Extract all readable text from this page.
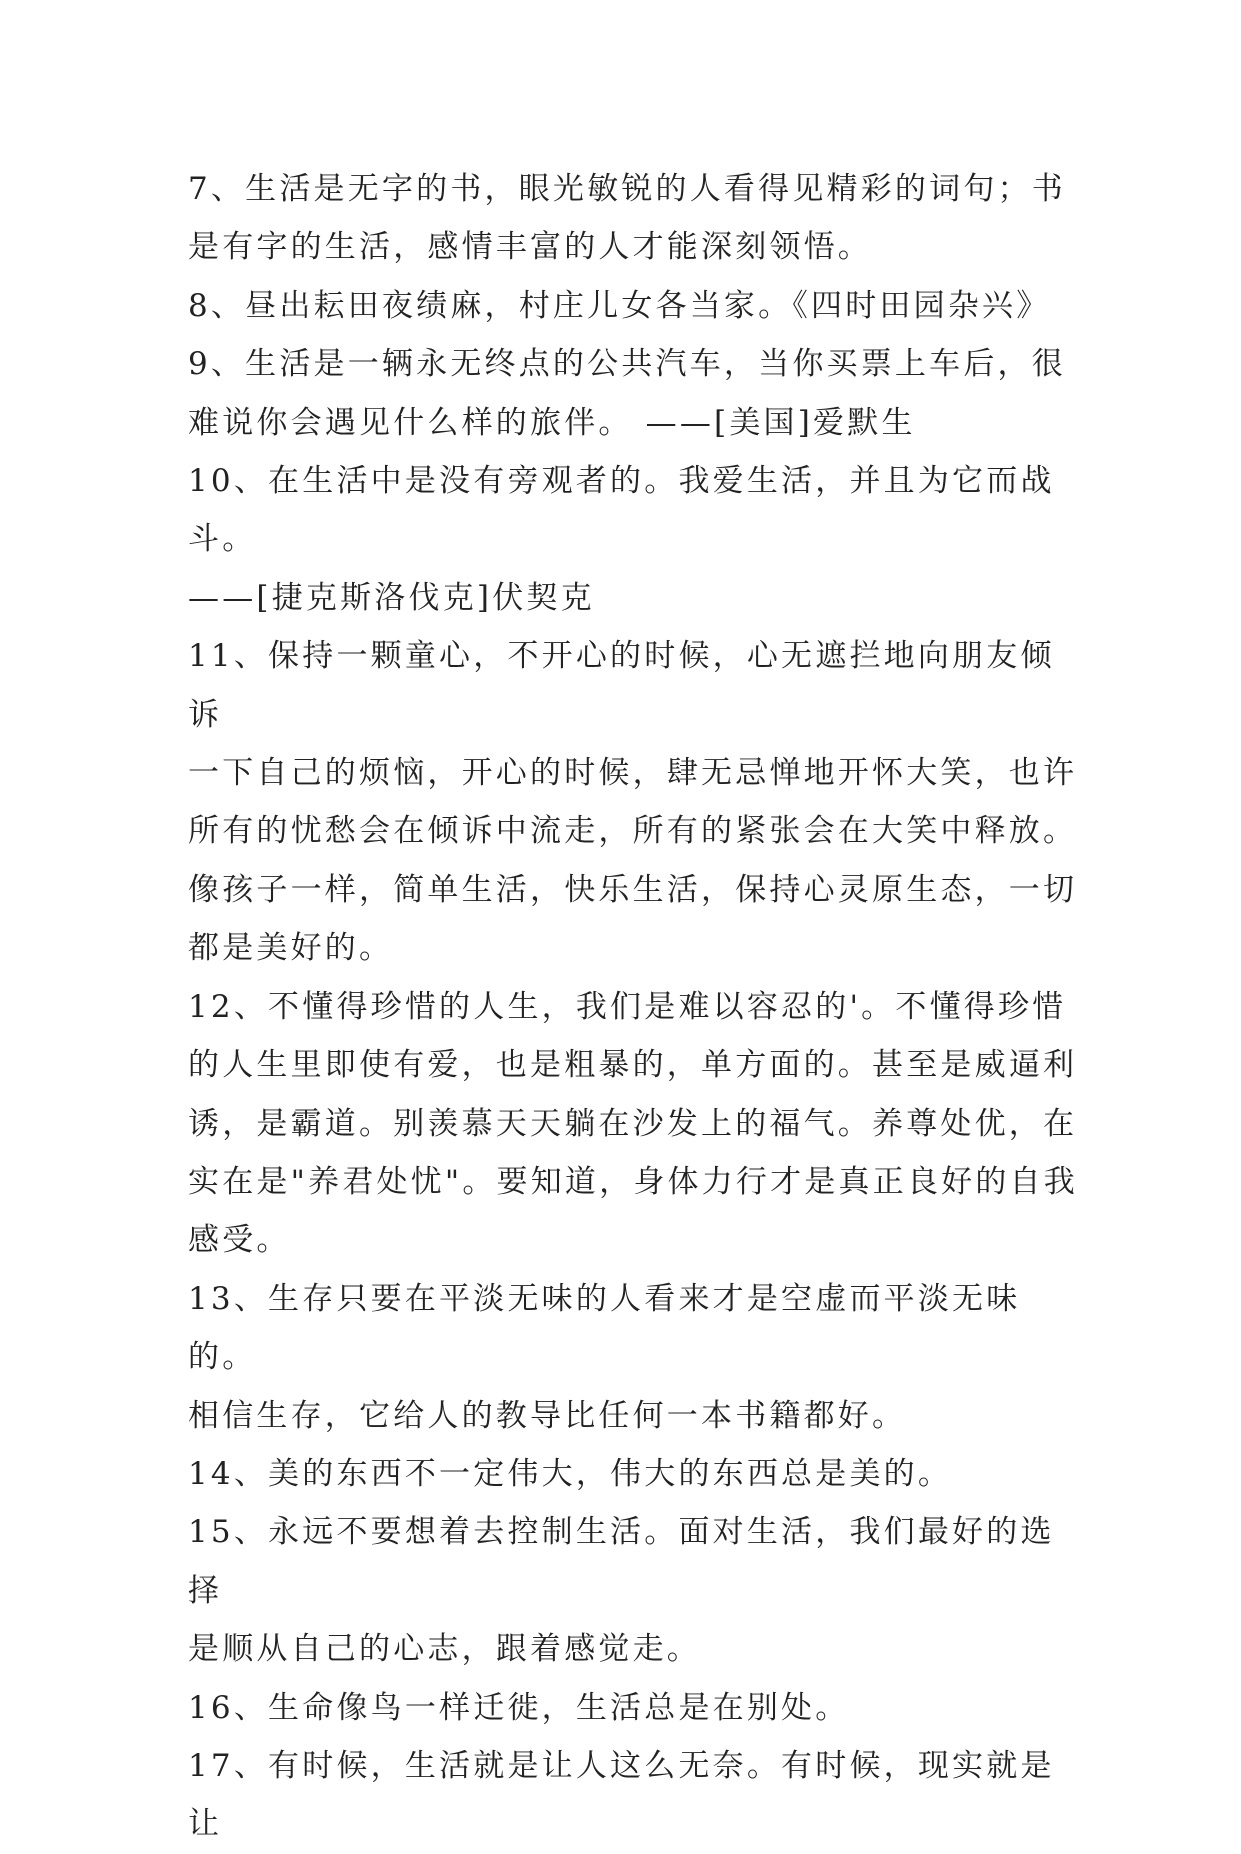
7、生活是无字的书，眼光敏锐的人看得见精彩的词句；书
是有字的生活，感情丰富的人才能深刻领悟。

8、昼出耘田夜绩麻，村庄儿女各当家。《四时田园杂兴》

9、生活是一辆永无终点的公共汽车，当你买票上车后，很
难说你会遇见什么样的旅伴。 ——[美国]爱默生

10、在生活中是没有旁观者的。我爱生活，并且为它而战斗。
——[捷克斯洛伐克]伏契克

11、保持一颗童心，不开心的时候，心无遮拦地向朋友倾诉
一下自己的烦恼，开心的时候，肆无忌惮地开怀大笑，也许
所有的忧愁会在倾诉中流走，所有的紧张会在大笑中释放。
像孩子一样，简单生活，快乐生活，保持心灵原生态，一切
都是美好的。

12、不懂得珍惜的人生，我们是难以容忍的'。不懂得珍惜
的人生里即使有爱，也是粗暴的，单方面的。甚至是威逼利
诱，是霸道。别羡慕天天躺在沙发上的福气。养尊处优，在
实在是"养君处忧"。要知道，身体力行才是真正良好的自我
感受。

13、生存只要在平淡无味的人看来才是空虚而平淡无味的。
相信生存，它给人的教导比任何一本书籍都好。

14、美的东西不一定伟大，伟大的东西总是美的。

15、永远不要想着去控制生活。面对生活，我们最好的选择
是顺从自己的心志，跟着感觉走。

16、生命像鸟一样迁徙，生活总是在别处。

17、有时候，生活就是让人这么无奈。有时候，现实就是让
